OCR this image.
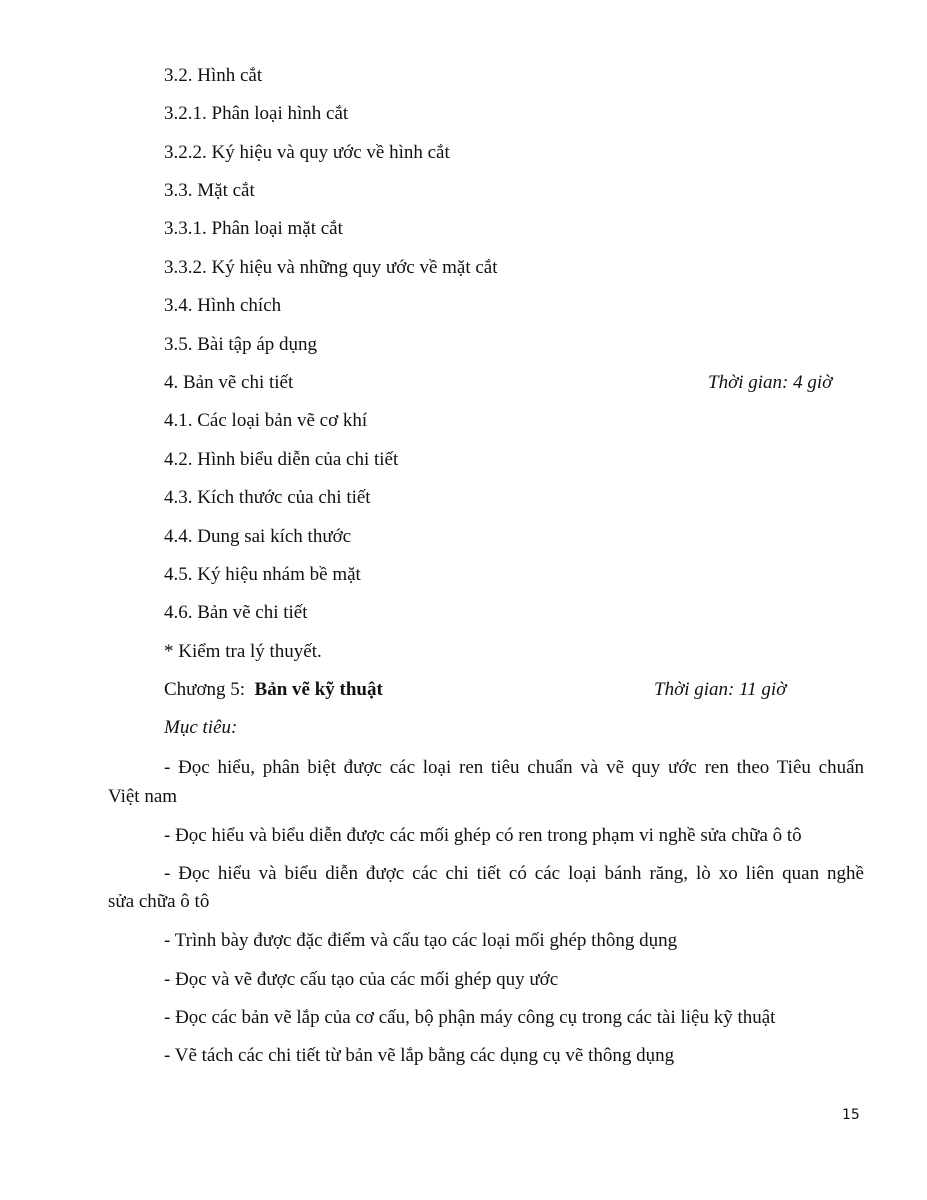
3.2. Hình cắt
3.2.1. Phân loại hình cắt
3.2.2. Ký hiệu và quy ước về hình cắt
3.3. Mặt cắt
3.3.1. Phân loại mặt cắt
3.3.2. Ký hiệu và những quy ước về mặt cắt
3.4. Hình chích
3.5. Bài tập áp dụng
4. Bản vẽ chi tiết	Thời gian: 4 giờ
4.1. Các loại bản vẽ cơ khí
4.2. Hình biểu diễn của chi tiết
4.3. Kích thước của chi tiết
4.4. Dung sai kích thước
4.5. Ký hiệu nhám bề mặt
4.6. Bản vẽ chi tiết
* Kiểm tra lý thuyết.
Chương 5: Bản vẽ kỹ thuật	Thời gian: 11 giờ
Mục tiêu:
- Đọc hiểu, phân biệt được các loại ren tiêu chuẩn và vẽ quy ước ren theo Tiêu chuẩn
Việt nam
- Đọc hiểu và biểu diễn được các mối ghép có ren trong phạm vi nghề sửa chữa ô tô
- Đọc hiểu và biểu diễn được các chi tiết có các loại bánh răng, lò xo liên quan nghề
sửa chữa ô tô
- Trình bày được đặc điểm và cấu tạo các loại mối ghép thông dụng
- Đọc và vẽ được cấu tạo của các mối ghép quy ước
- Đọc các bản vẽ lắp của cơ cấu, bộ phận máy công cụ trong các tài liệu kỹ thuật
- Vẽ tách các chi tiết từ bản vẽ lắp bằng các dụng cụ vẽ thông dụng
15
